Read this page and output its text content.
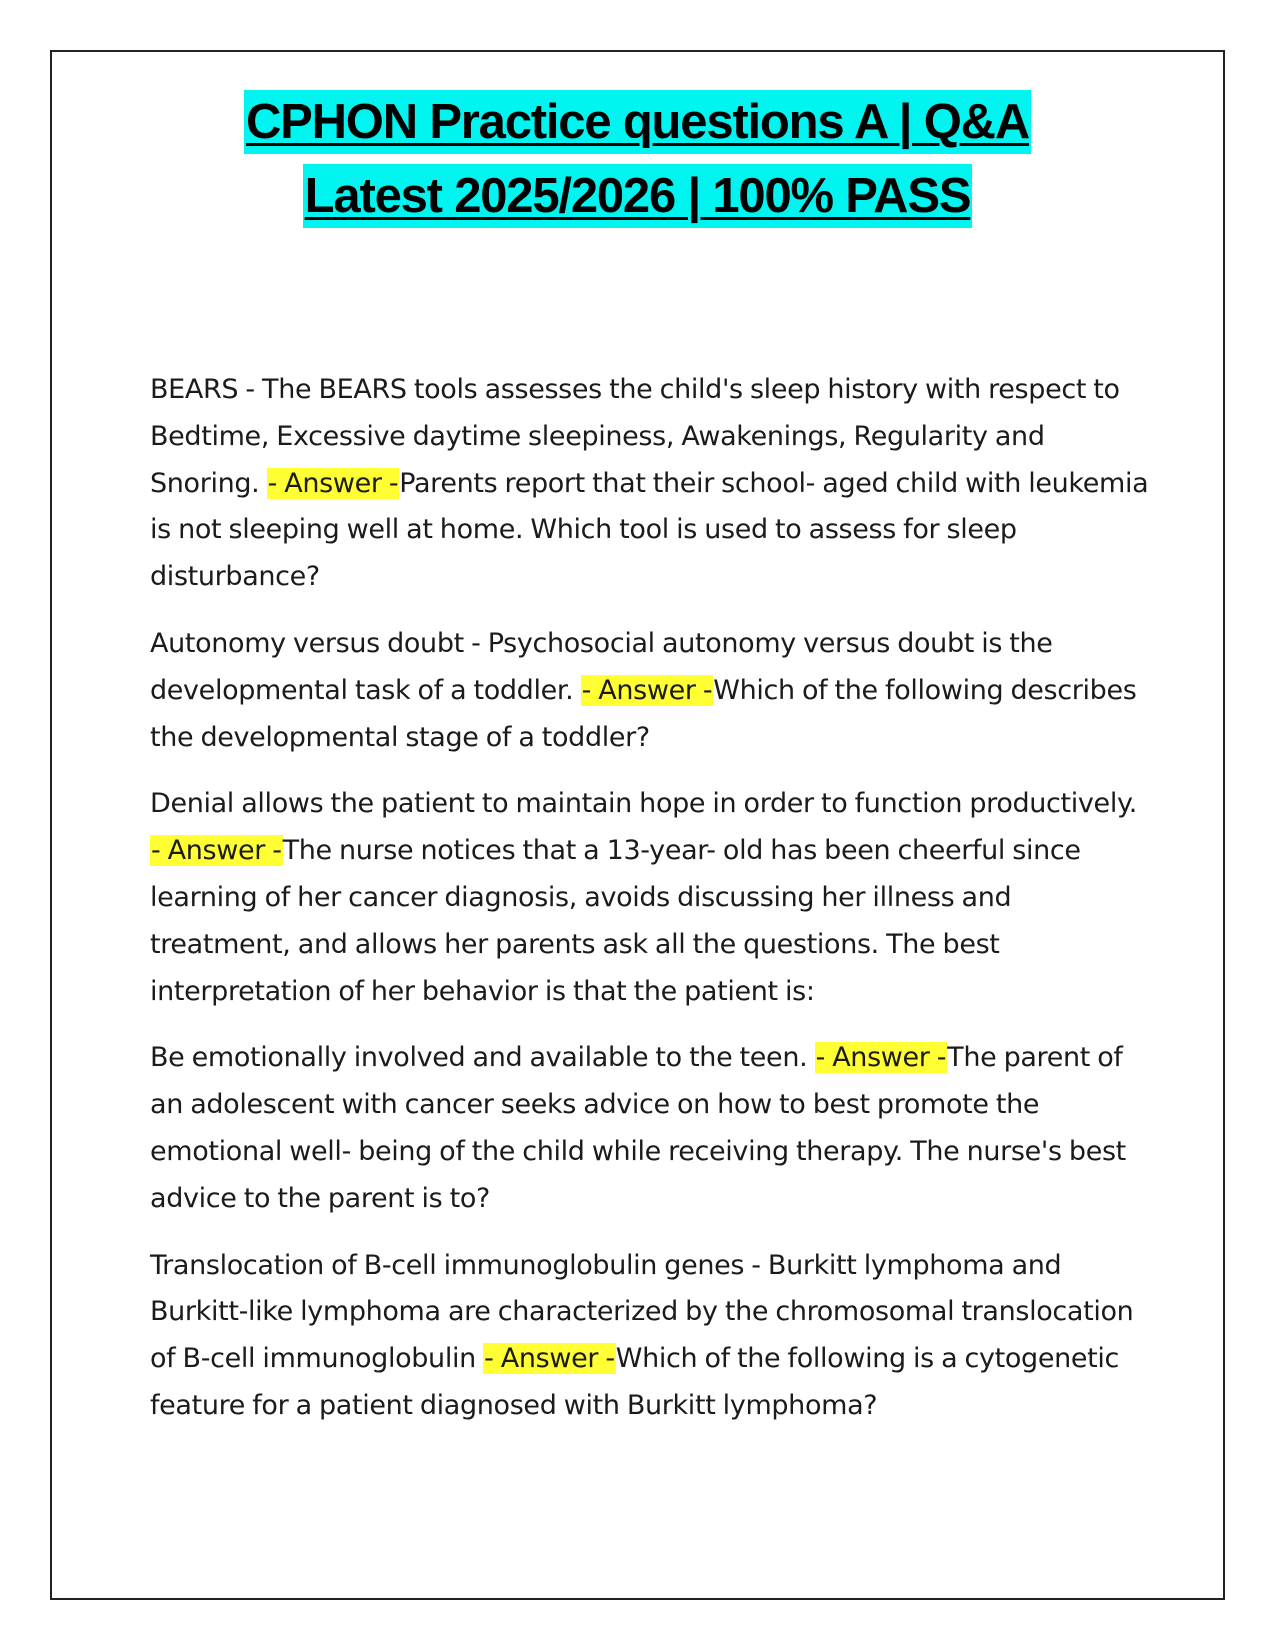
CPHON Practice questions A | Q&A
Latest 2025/2026 | 100% PASS

BEARS - The BEARS tools assesses the child's sleep history with respect to Bedtime, Excessive daytime sleepiness, Awakenings, Regularity and Snoring. - Answer -Parents report that their school- aged child with leukemia is not sleeping well at home. Which tool is used to assess for sleep disturbance?

Autonomy versus doubt - Psychosocial autonomy versus doubt is the developmental task of a toddler. - Answer -Which of the following describes the developmental stage of a toddler?

Denial allows the patient to maintain hope in order to function productively. - Answer -The nurse notices that a 13-year- old has been cheerful since learning of her cancer diagnosis, avoids discussing her illness and treatment, and allows her parents ask all the questions. The best interpretation of her behavior is that the patient is:

Be emotionally involved and available to the teen. - Answer -The parent of an adolescent with cancer seeks advice on how to best promote the emotional well- being of the child while receiving therapy. The nurse's best advice to the parent is to?

Translocation of B-cell immunoglobulin genes - Burkitt lymphoma and Burkitt-like lymphoma are characterized by the chromosomal translocation of B-cell immunoglobulin - Answer -Which of the following is a cytogenetic feature for a patient diagnosed with Burkitt lymphoma?
